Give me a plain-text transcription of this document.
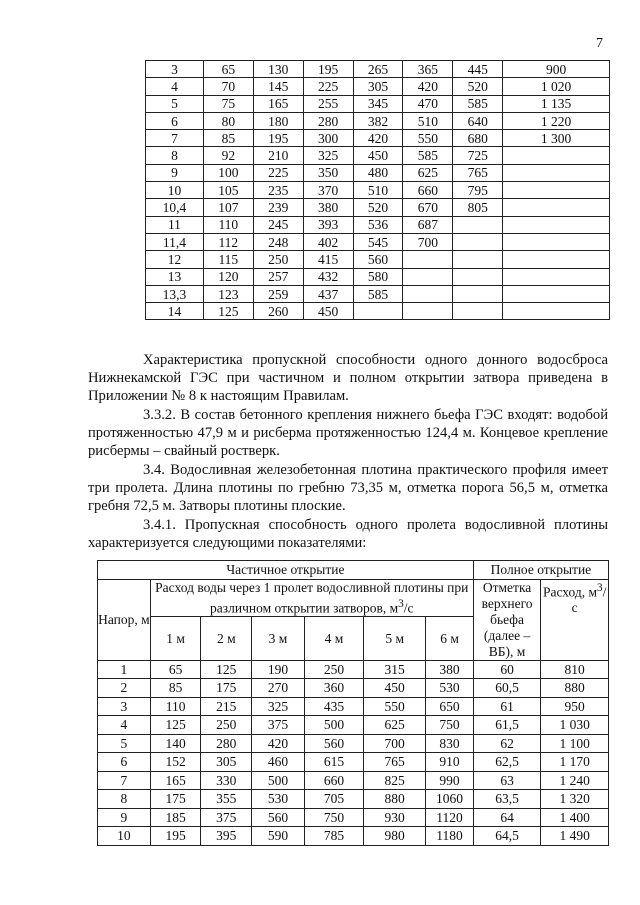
7
3	65	130	195	265	365	445	900
4	70	145	225	305	420	520	1 020
5	75	165	255	345	470	585	1 135
6	80	180	280	382	510	640	1 220
7	85	195	300	420	550	680	1 300
8	92	210	325	450	585	725	
9	100	225	350	480	625	765	
10	105	235	370	510	660	795	
10,4	107	239	380	520	670	805	
11	110	245	393	536	687		
11,4	112	248	402	545	700		
12	115	250	415	560			
13	120	257	432	580			
13,3	123	259	437	585			
14	125	260	450				

Характеристика пропускной способности одного донного водосброса Нижнекамской ГЭС при частичном и полном открытии затвора приведена в Приложении № 8 к настоящим Правилам.

3.3.2. В состав бетонного крепления нижнего бьефа ГЭС входят: водобой протяженностью 47,9 м и рисберма протяженностью 124,4 м. Концевое крепление рисбермы – свайный ростверк.

3.4. Водосливная железобетонная плотина практического профиля имеет три пролета. Длина плотины по гребню 73,35 м, отметка порога 56,5 м, отметка гребня 72,5 м. Затворы плотины плоские.

3.4.1. Пропускная способность одного пролета водосливной плотины характеризуется следующими показателями:

Частичное открытие							Полное открытие	
Напор, м	Расход воды через 1 пролет водосливной плотины при различном открытии затворов, $м^3/с$						Отметка верхнего бьефа (далее – ВБ), м	Расход, $м^3/с$
	1 м	2 м	3 м	4 м	5 м	6 м		
1	65	125	190	250	315	380	60	810
2	85	175	270	360	450	530	60,5	880
3	110	215	325	435	550	650	61	950
4	125	250	375	500	625	750	61,5	1 030
5	140	280	420	560	700	830	62	1 100
6	152	305	460	615	765	910	62,5	1 170
7	165	330	500	660	825	990	63	1 240
8	175	355	530	705	880	1060	63,5	1 320
9	185	375	560	750	930	1120	64	1 400
10	195	395	590	785	980	1180	64,5	1 490
